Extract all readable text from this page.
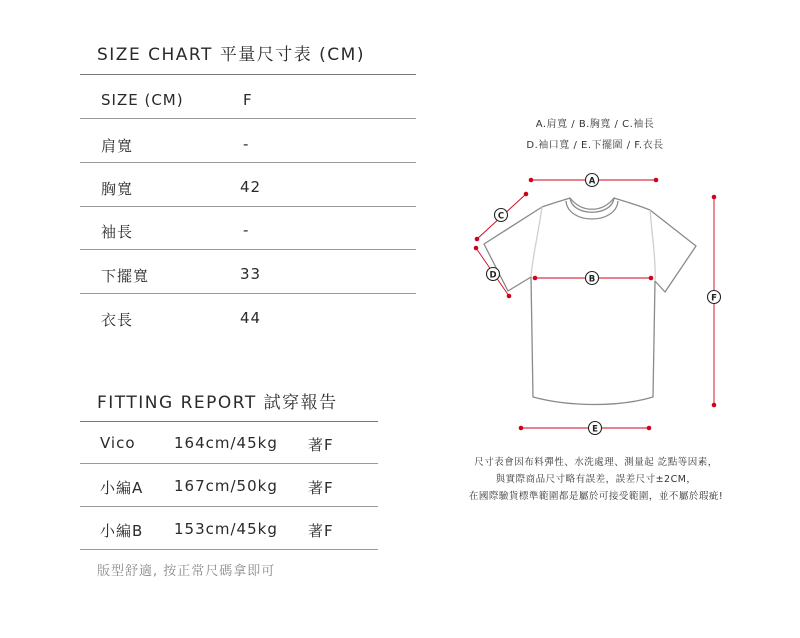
SIZE CHART 平量尺寸表 (CM)
SIZE (CM)	F
肩寬	-
胸寬	42
袖長	-
下擺寬	33
衣長	44
FITTING REPORT 試穿報告
Vico	164cm/45kg 著F
小編A 167cm/50kg 著F
小編B 153cm/45kg 著F
版型舒適, 按正常尺碼拿即可
A.肩寬 / B.胸寬 / C.袖長
D.袖口寬 / E.下擺圍 / F.衣長
A
C
D	B
F
E
尺寸表會因布料彈性、水洗處理、測量起 訖點等因素，
與實際商品尺寸略有誤差，誤差尺寸±2CM，
在國際驗貨標準範圍都是屬於可接受範圍，並不屬於瑕疵!
